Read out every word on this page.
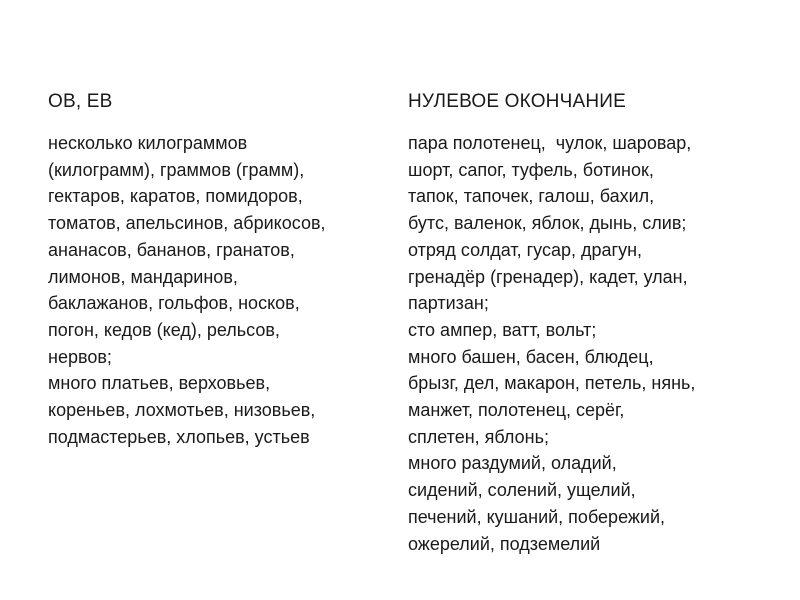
ОВ, ЕВ

несколько килограммов

(килограмм), граммов (грамм),

гектаров, каратов, помидоров,

томатов, апельсинов, абрикосов,

ананасов, бананов, гранатов,

лимонов, мандаринов,

баклажанов, гольфов, носков,

погон, кедов (кед), рельсов,

нервов;

много платьев, верховьев,

кореньев, лохмотьев, низовьев,

подмастерьев, хлопьев, устьев

НУЛЕВОЕ ОКОНЧАНИЕ

пара полотенец,  чулок, шаровар,

шорт, сапог, туфель, ботинок,

тапок, тапочек, галош, бахил,

бутс, валенок, яблок, дынь, слив;

отряд солдат, гусар, драгун,

гренадёр (гренадер), кадет, улан,

партизан;

сто ампер, ватт, вольт;

много башен, басен, блюдец,

брызг, дел, макарон, петель, нянь,

манжет, полотенец, серёг,

сплетен, яблонь;

много раздумий, оладий,

сидений, солений, ущелий,

печений, кушаний, побережий,

ожерелий, подземелий
